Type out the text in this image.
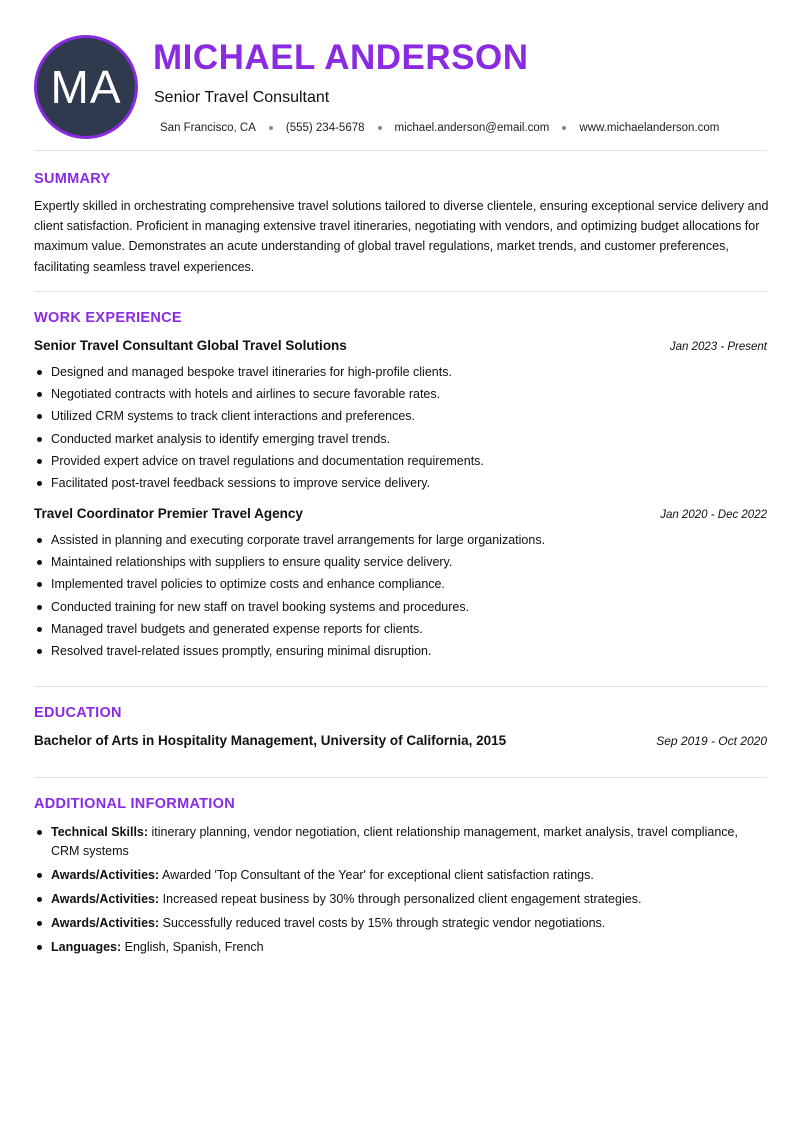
MA
MICHAEL ANDERSON
Senior Travel Consultant
San Francisco, CA	(555) 234-5678	michael.anderson@email.com	www.michaelanderson.com
SUMMARY

Expertly skilled in orchestrating comprehensive travel solutions tailored to diverse clientele, ensuring exceptional service delivery and client satisfaction. Proficient in managing extensive travel itineraries, negotiating with vendors, and optimizing budget allocations for maximum value. Demonstrates an acute understanding of global travel regulations, market trends, and customer preferences, facilitating seamless travel experiences.

WORK EXPERIENCE
Senior Travel Consultant Global Travel Solutions	Jan 2023 - Present
Designed and managed bespoke travel itineraries for high-profile clients.
Negotiated contracts with hotels and airlines to secure favorable rates.
Utilized CRM systems to track client interactions and preferences.
Conducted market analysis to identify emerging travel trends.
Provided expert advice on travel regulations and documentation requirements.
Facilitated post-travel feedback sessions to improve service delivery.
Travel Coordinator Premier Travel Agency	Jan 2020 - Dec 2022
Assisted in planning and executing corporate travel arrangements for large organizations.
Maintained relationships with suppliers to ensure quality service delivery.
Implemented travel policies to optimize costs and enhance compliance.
Conducted training for new staff on travel booking systems and procedures.
Managed travel budgets and generated expense reports for clients.
Resolved travel-related issues promptly, ensuring minimal disruption.
EDUCATION
Bachelor of Arts in Hospitality Management, University of California, 2015	Sep 2019 - Oct 2020
ADDITIONAL INFORMATION
Technical Skills: itinerary planning, vendor negotiation, client relationship management, market analysis, travel compliance, CRM systems
Awards/Activities: Awarded 'Top Consultant of the Year' for exceptional client satisfaction ratings.
Awards/Activities: Increased repeat business by 30% through personalized client engagement strategies.
Awards/Activities: Successfully reduced travel costs by 15% through strategic vendor negotiations.
Languages: English, Spanish, French
